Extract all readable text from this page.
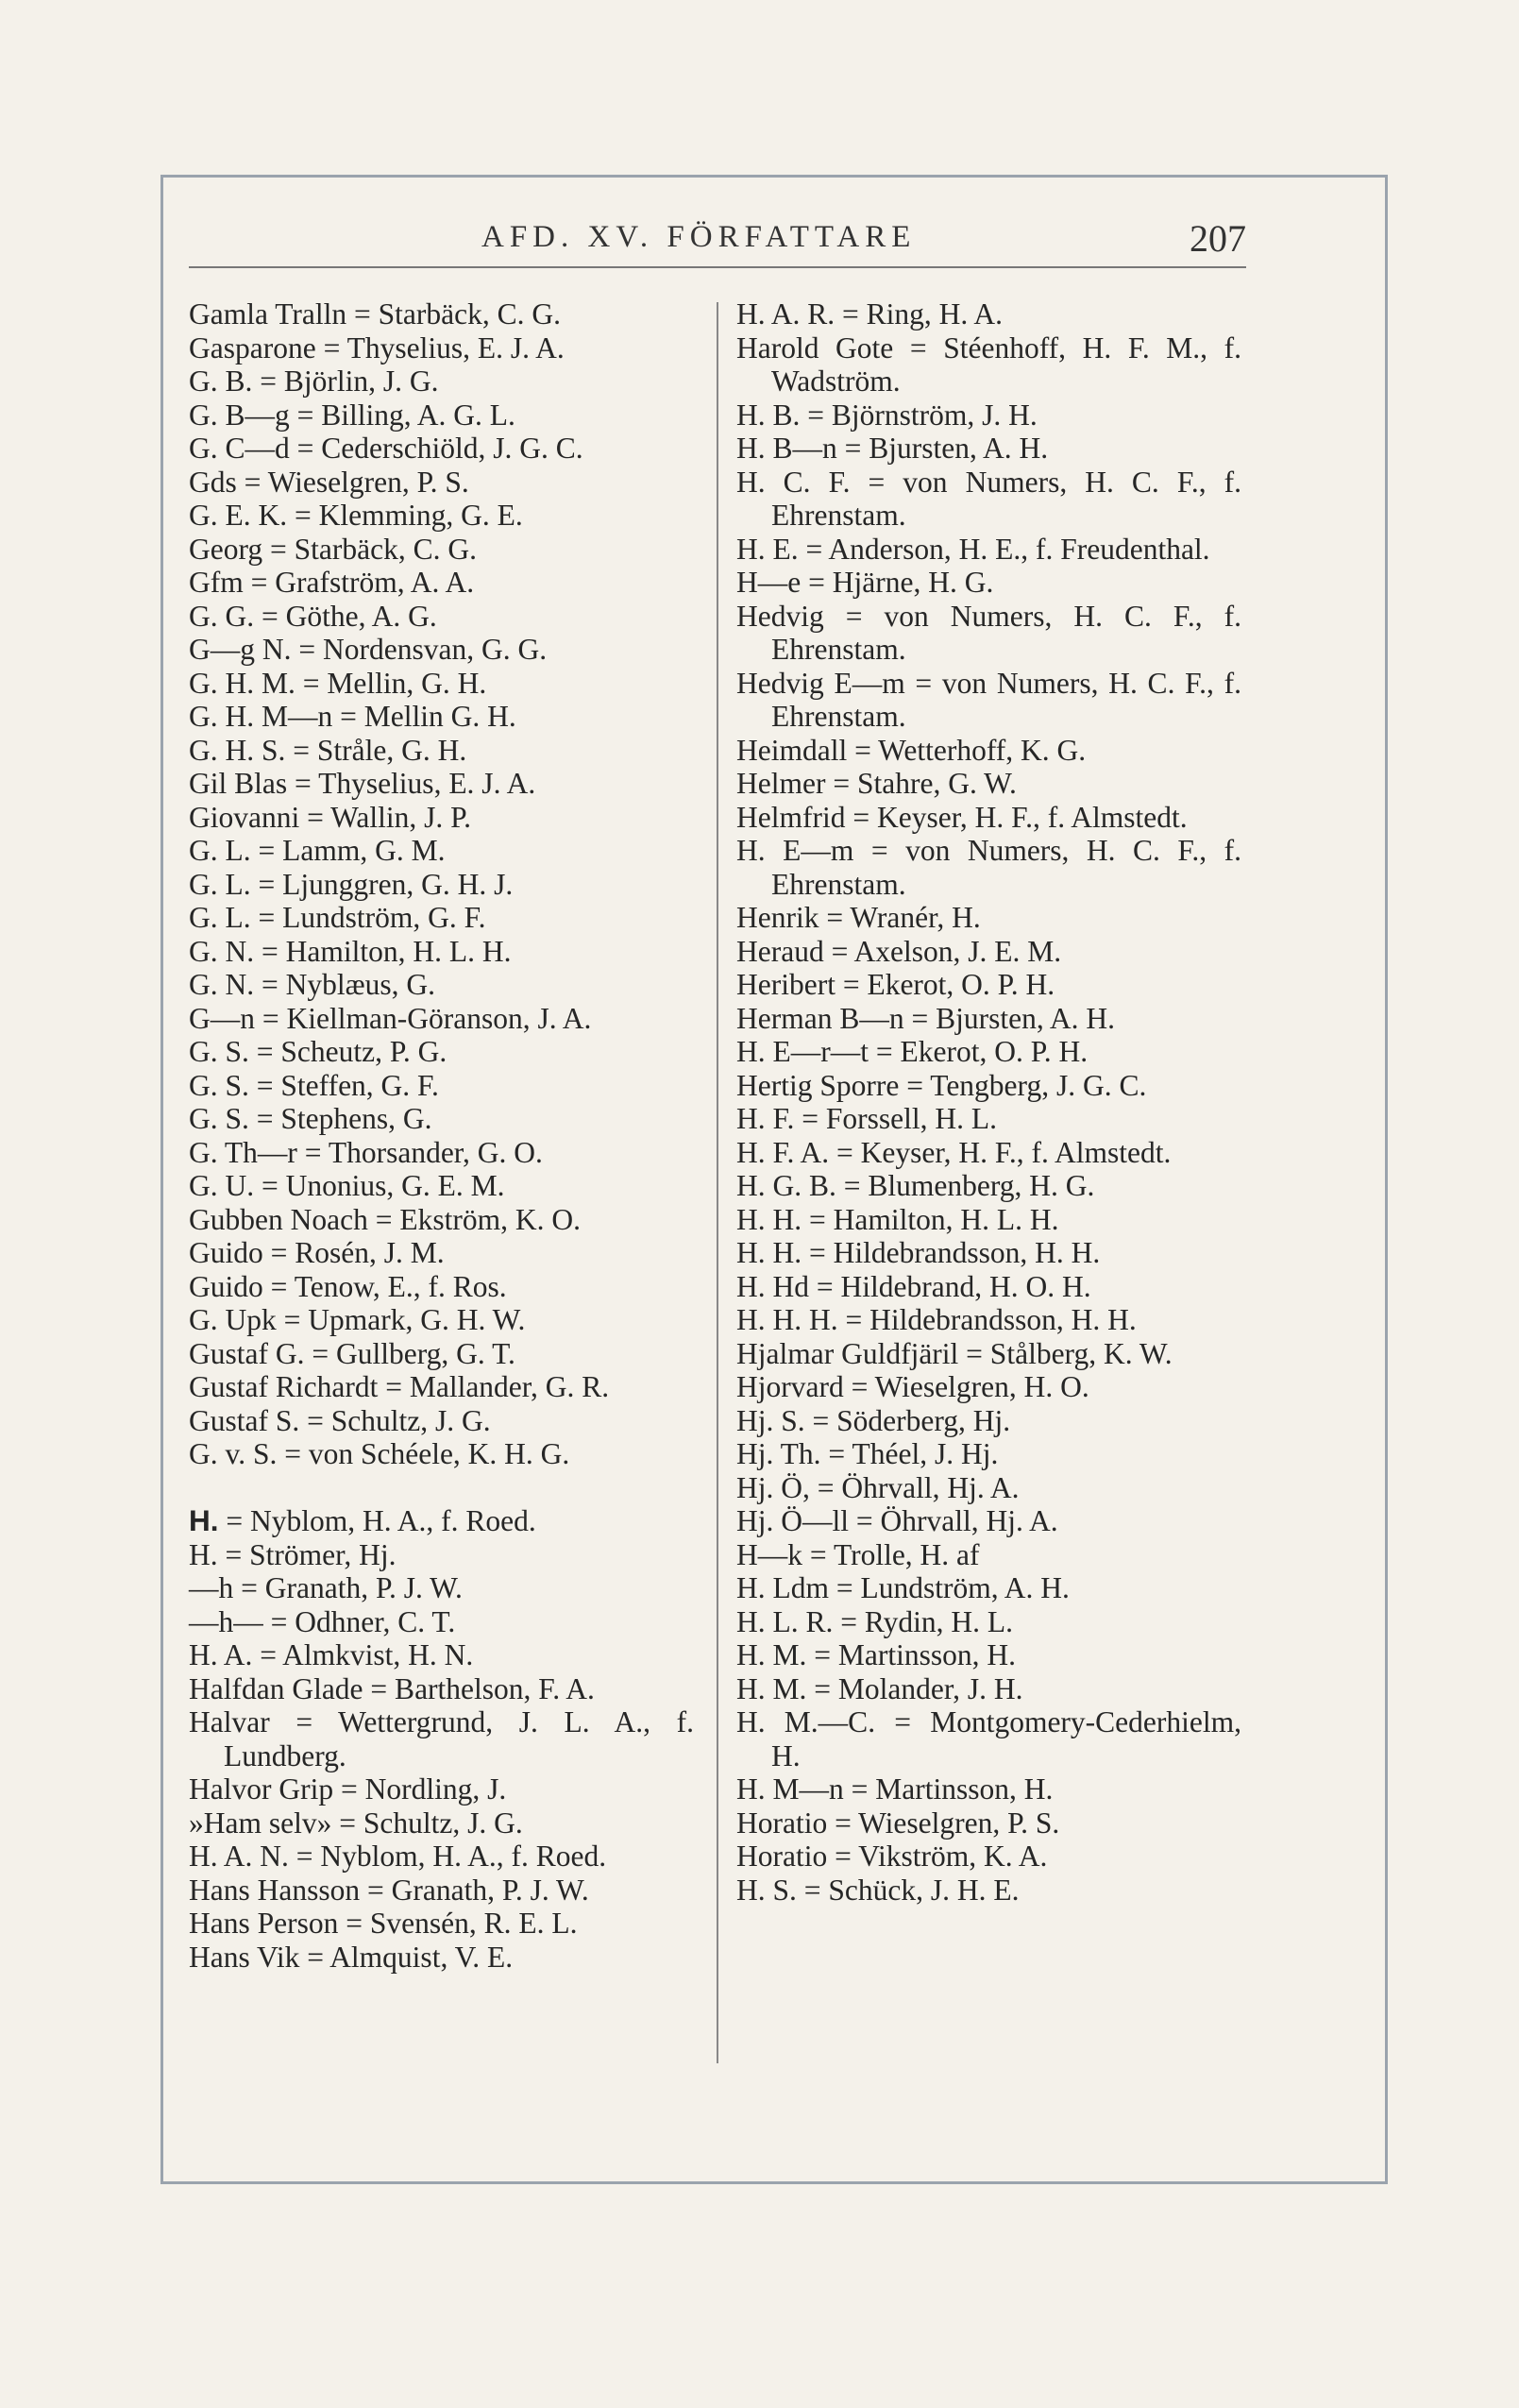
AFD. XV. FÖRFATTARE	207
Gamla Tralln = Starbäck, C. G.
Gasparone = Thyselius, E. J. A.
G. B. = Björlin, J. G.
G. B—g = Billing, A. G. L.
G. C—d = Cederschiöld, J. G. C.
Gds = Wieselgren, P. S.
G. E. K. = Klemming, G. E.
Georg = Starbäck, C. G.
Gfm = Grafström, A. A.
G. G. = Göthe, A. G.
G—g N. = Nordensvan, G. G.
G. H. M. = Mellin, G. H.
G. H. M—n = Mellin G. H.
G. H. S. = Stråle, G. H.
Gil Blas = Thyselius, E. J. A.
Giovanni = Wallin, J. P.
G. L. = Lamm, G. M.
G. L. = Ljunggren, G. H. J.
G. L. = Lundström, G. F.
G. N. = Hamilton, H. L. H.
G. N. = Nyblæus, G.
G—n = Kiellman-Göranson, J. A.
G. S. = Scheutz, P. G.
G. S. = Steffen, G. F.
G. S. = Stephens, G.
G. Th—r = Thorsander, G. O.
G. U. = Unonius, G. E. M.
Gubben Noach = Ekström, K. O.
Guido = Rosén, J. M.
Guido = Tenow, E., f. Ros.
G. Upk = Upmark, G. H. W.
Gustaf G. = Gullberg, G. T.
Gustaf Richardt = Mallander, G. R.
Gustaf S. = Schultz, J. G.
G. v. S. = von Schéele, K. H. G.
H. = Nyblom, H. A., f. Roed.
H. = Strömer, Hj.
—h = Granath, P. J. W.
—h— = Odhner, C. T.
H. A. = Almkvist, H. N.
Halfdan Glade = Barthelson, F. A.
Halvar = Wettergrund, J. L. A., f. Lundberg.
Halvor Grip = Nordling, J.
»Ham selv» = Schultz, J. G.
H. A. N. = Nyblom, H. A., f. Roed.
Hans Hansson = Granath, P. J. W.
Hans Person = Svensén, R. E. L.
Hans Vik = Almquist, V. E.
H. A. R. = Ring, H. A.
Harold Gote = Stéenhoff, H. F. M., f. Wadström.
H. B. = Björnström, J. H.
H. B—n = Bjursten, A. H.
H. C. F. = von Numers, H. C. F., f. Ehrenstam.
H. E. = Anderson, H. E., f. Freudenthal.
H—e = Hjärne, H. G.
Hedvig = von Numers, H. C. F., f. Ehrenstam.
Hedvig E—m = von Numers, H. C. F., f. Ehrenstam.
Heimdall = Wetterhoff, K. G.
Helmer = Stahre, G. W.
Helmfrid = Keyser, H. F., f. Almstedt.
H. E—m = von Numers, H. C. F., f. Ehrenstam.
Henrik = Wranér, H.
Heraud = Axelson, J. E. M.
Heribert = Ekerot, O. P. H.
Herman B—n = Bjursten, A. H.
H. E—r—t = Ekerot, O. P. H.
Hertig Sporre = Tengberg, J. G. C.
H. F. = Forssell, H. L.
H. F. A. = Keyser, H. F., f. Almstedt.
H. G. B. = Blumenberg, H. G.
H. H. = Hamilton, H. L. H.
H. H. = Hildebrandsson, H. H.
H. Hd = Hildebrand, H. O. H.
H. H. H. = Hildebrandsson, H. H.
Hjalmar Guldfjäril = Stålberg, K. W.
Hjorvard = Wieselgren, H. O.
Hj. S. = Söderberg, Hj.
Hj. Th. = Théel, J. Hj.
Hj. Ö, = Öhrvall, Hj. A.
Hj. Ö—ll = Öhrvall, Hj. A.
H—k = Trolle, H. af
H. Ldm = Lundström, A. H.
H. L. R. = Rydin, H. L.
H. M. = Martinsson, H.
H. M. = Molander, J. H.
H. M.—C. = Montgomery-Cederhielm, H.
H. M—n = Martinsson, H.
Horatio = Wieselgren, P. S.
Horatio = Vikström, K. A.
H. S. = Schück, J. H. E.
